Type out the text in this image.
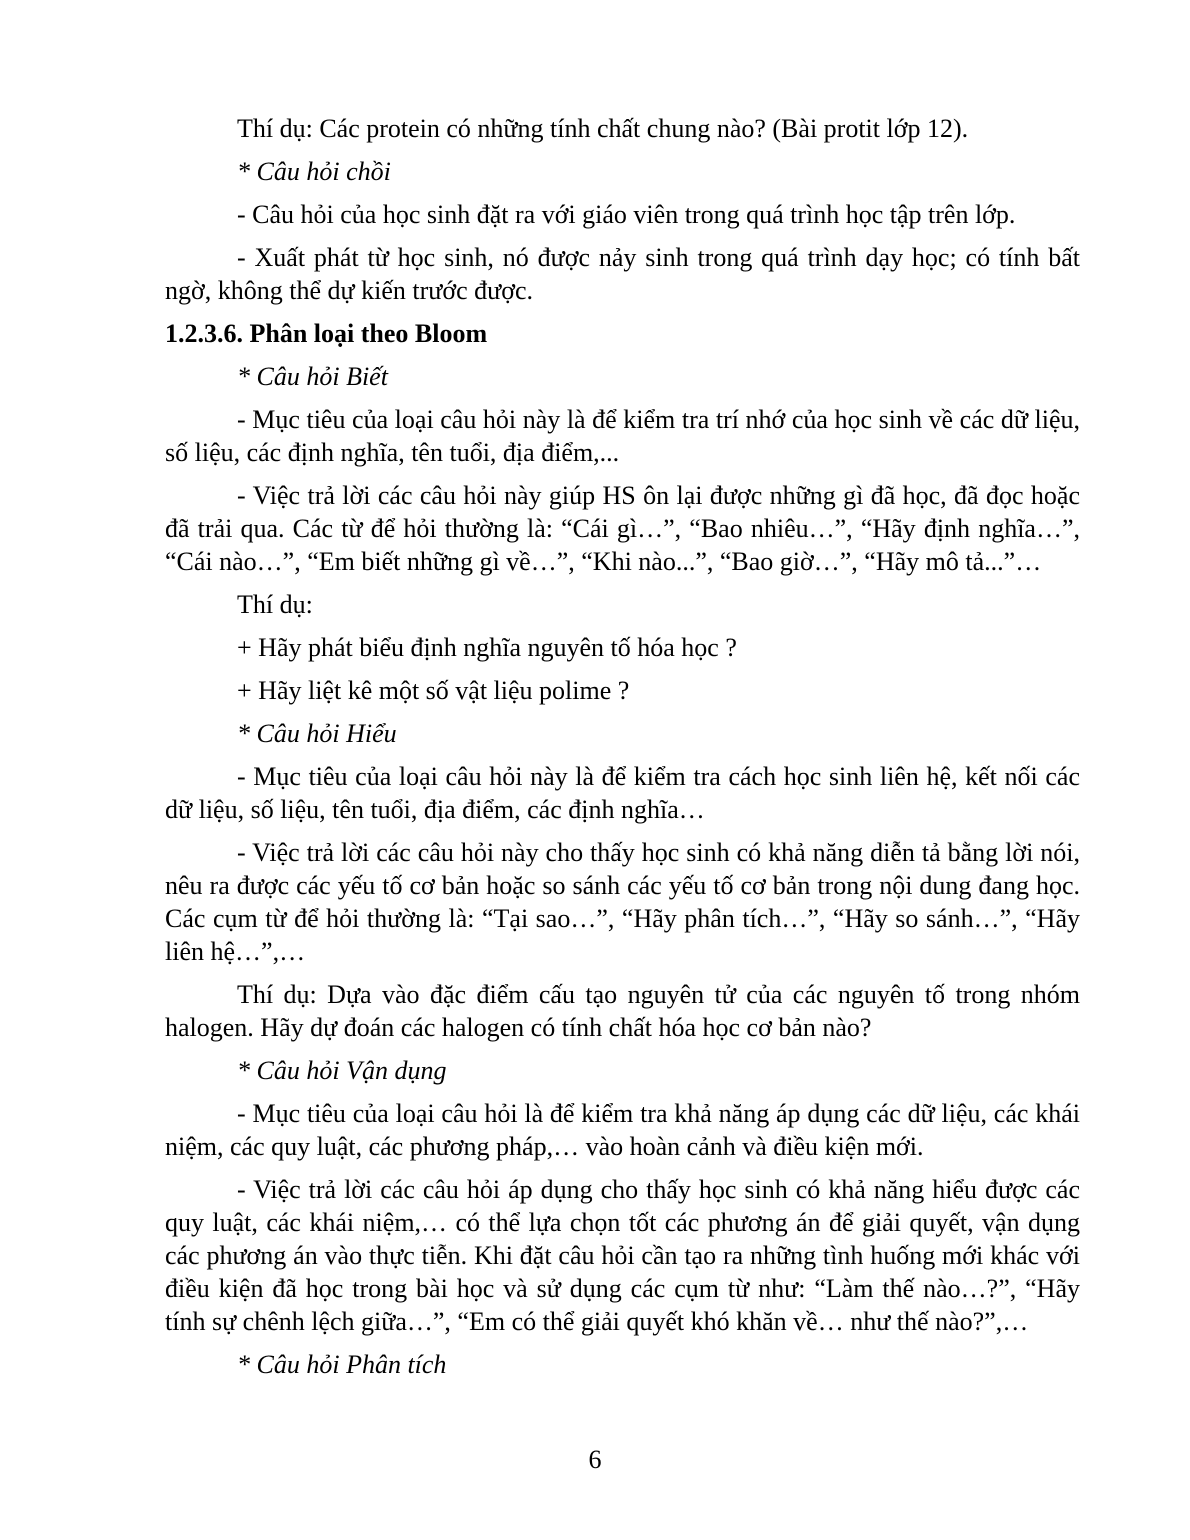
Thí dụ: Các protein có những tính chất chung nào? (Bài protit lớp 12).

* Câu hỏi chồi

- Câu hỏi của học sinh đặt ra với giáo viên trong quá trình học tập trên lớp.

- Xuất phát từ học sinh, nó được nảy sinh trong quá trình dạy học; có tính bất ngờ, không thể dự kiến trước được.

1.2.3.6. Phân loại theo Bloom

* Câu hỏi Biết

- Mục tiêu của loại câu hỏi này là để kiểm tra trí nhớ của học sinh về các dữ liệu, số liệu, các định nghĩa, tên tuổi, địa điểm,...

- Việc trả lời các câu hỏi này giúp HS ôn lại được những gì đã học, đã đọc hoặc đã trải qua. Các từ để hỏi thường là: “Cái gì…”, “Bao nhiêu…”, “Hãy định nghĩa…”, “Cái nào…”, “Em biết những gì về…”, “Khi nào...”, “Bao giờ…”, “Hãy mô tả...”…

Thí dụ:

+ Hãy phát biểu định nghĩa nguyên tố hóa học ?

+ Hãy liệt kê một số vật liệu polime ?

* Câu hỏi Hiểu

- Mục tiêu của loại câu hỏi này là để kiểm tra cách học sinh liên hệ, kết nối các dữ liệu, số liệu, tên tuổi, địa điểm, các định nghĩa…

- Việc trả lời các câu hỏi này cho thấy học sinh có khả năng diễn tả bằng lời nói, nêu ra được các yếu tố cơ bản hoặc so sánh các yếu tố cơ bản trong nội dung đang học. Các cụm từ để hỏi thường là: “Tại sao…”, “Hãy phân tích…”, “Hãy so sánh…”, “Hãy liên hệ…”,…

Thí dụ: Dựa vào đặc điểm cấu tạo nguyên tử của các nguyên tố trong nhóm halogen. Hãy dự đoán các halogen có tính chất hóa học cơ bản nào?

* Câu hỏi Vận dụng

- Mục tiêu của loại câu hỏi là để kiểm tra khả năng áp dụng các dữ liệu, các khái niệm, các quy luật, các phương pháp,… vào hoàn cảnh và điều kiện mới.

- Việc trả lời các câu hỏi áp dụng cho thấy học sinh có khả năng hiểu được các quy luật, các khái niệm,… có thể lựa chọn tốt các phương án để giải quyết, vận dụng các phương án vào thực tiễn. Khi đặt câu hỏi cần tạo ra những tình huống mới khác với điều kiện đã học trong bài học và sử dụng các cụm từ như: “Làm thế nào…?”, “Hãy tính sự chênh lệch giữa…”, “Em có thể giải quyết khó khăn về… như thế nào?”,…

* Câu hỏi Phân tích

6
